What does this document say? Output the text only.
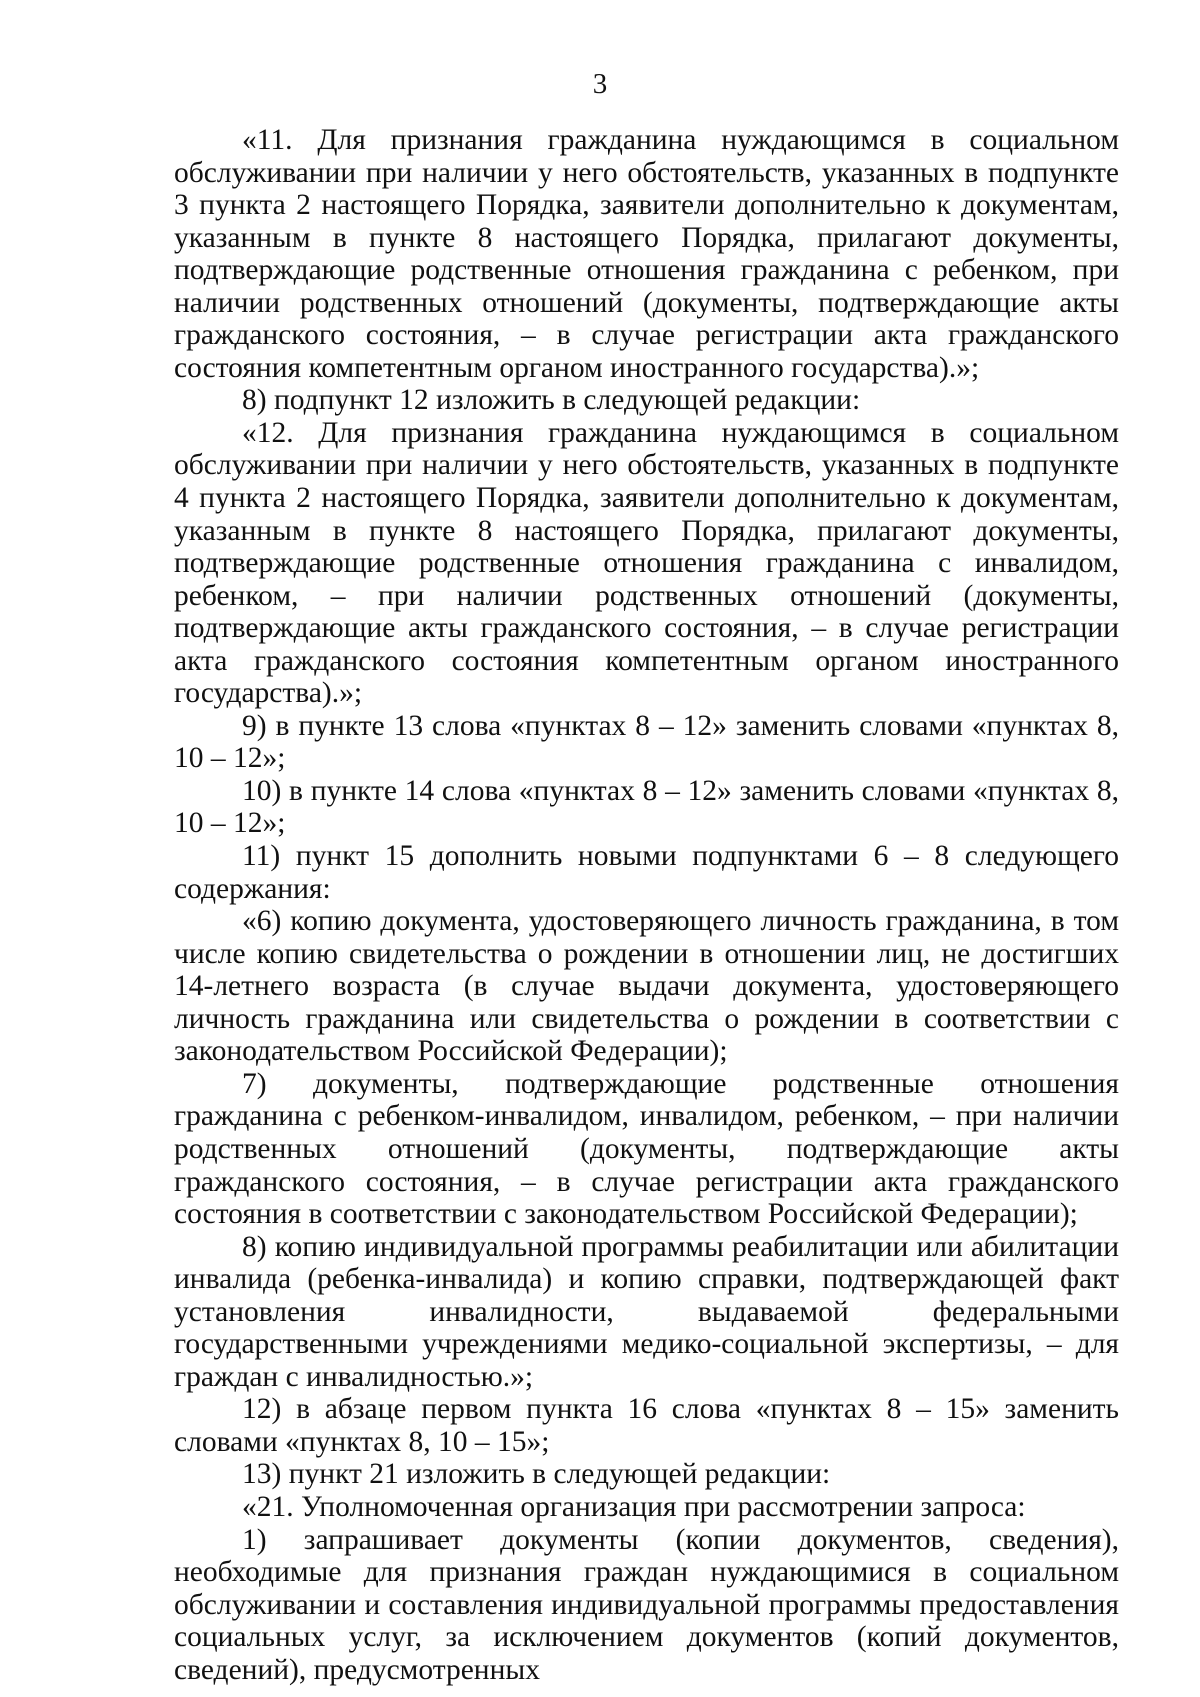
3

«11. Для признания гражданина нуждающимся в социальном обслуживании при наличии у него обстоятельств, указанных в подпункте 3 пункта 2 настоящего Порядка, заявители дополнительно к документам, указанным в пункте 8 настоящего Порядка, прилагают документы, подтверждающие родственные отношения гражданина с ребенком, при наличии родственных отношений (документы, подтверждающие акты гражданского состояния, – в случае регистрации акта гражданского состояния компетентным органом иностранного государства).»;

8) подпункт 12 изложить в следующей редакции:

«12. Для признания гражданина нуждающимся в социальном обслуживании при наличии у него обстоятельств, указанных в подпункте 4 пункта 2 настоящего Порядка, заявители дополнительно к документам, указанным в пункте 8 настоящего Порядка, прилагают документы, подтверждающие родственные отношения гражданина с инвалидом, ребенком, – при наличии родственных отношений (документы, подтверждающие акты гражданского состояния, – в случае регистрации акта гражданского состояния компетентным органом иностранного государства).»;

9) в пункте 13 слова «пунктах 8 – 12» заменить словами «пунктах 8, 10 – 12»;

10) в пункте 14 слова «пунктах 8 – 12» заменить словами «пунктах 8, 10 – 12»;

11) пункт 15 дополнить новыми подпунктами 6 – 8 следующего содержания:

«6) копию документа, удостоверяющего личность гражданина, в том числе копию свидетельства о рождении в отношении лиц, не достигших 14-летнего возраста (в случае выдачи документа, удостоверяющего личность гражданина или свидетельства о рождении в соответствии с законодательством Российской Федерации);

7) документы, подтверждающие родственные отношения гражданина с ребенком-инвалидом, инвалидом, ребенком, – при наличии родственных отношений (документы, подтверждающие акты гражданского состояния, – в случае регистрации акта гражданского состояния в соответствии с законодательством Российской Федерации);

8) копию индивидуальной программы реабилитации или абилитации инвалида (ребенка-инвалида) и копию справки, подтверждающей факт установления инвалидности, выдаваемой федеральными государственными учреждениями медико-социальной экспертизы, – для граждан с инвалидностью.»;

12) в абзаце первом пункта 16 слова «пунктах 8 – 15» заменить словами «пунктах 8, 10 – 15»;

13) пункт 21 изложить в следующей редакции:

«21. Уполномоченная организация при рассмотрении запроса:

1) запрашивает документы (копии документов, сведения), необходимые для признания граждан нуждающимися в социальном обслуживании и составления индивидуальной программы предоставления социальных услуг, за исключением документов (копий документов, сведений), предусмотренных
